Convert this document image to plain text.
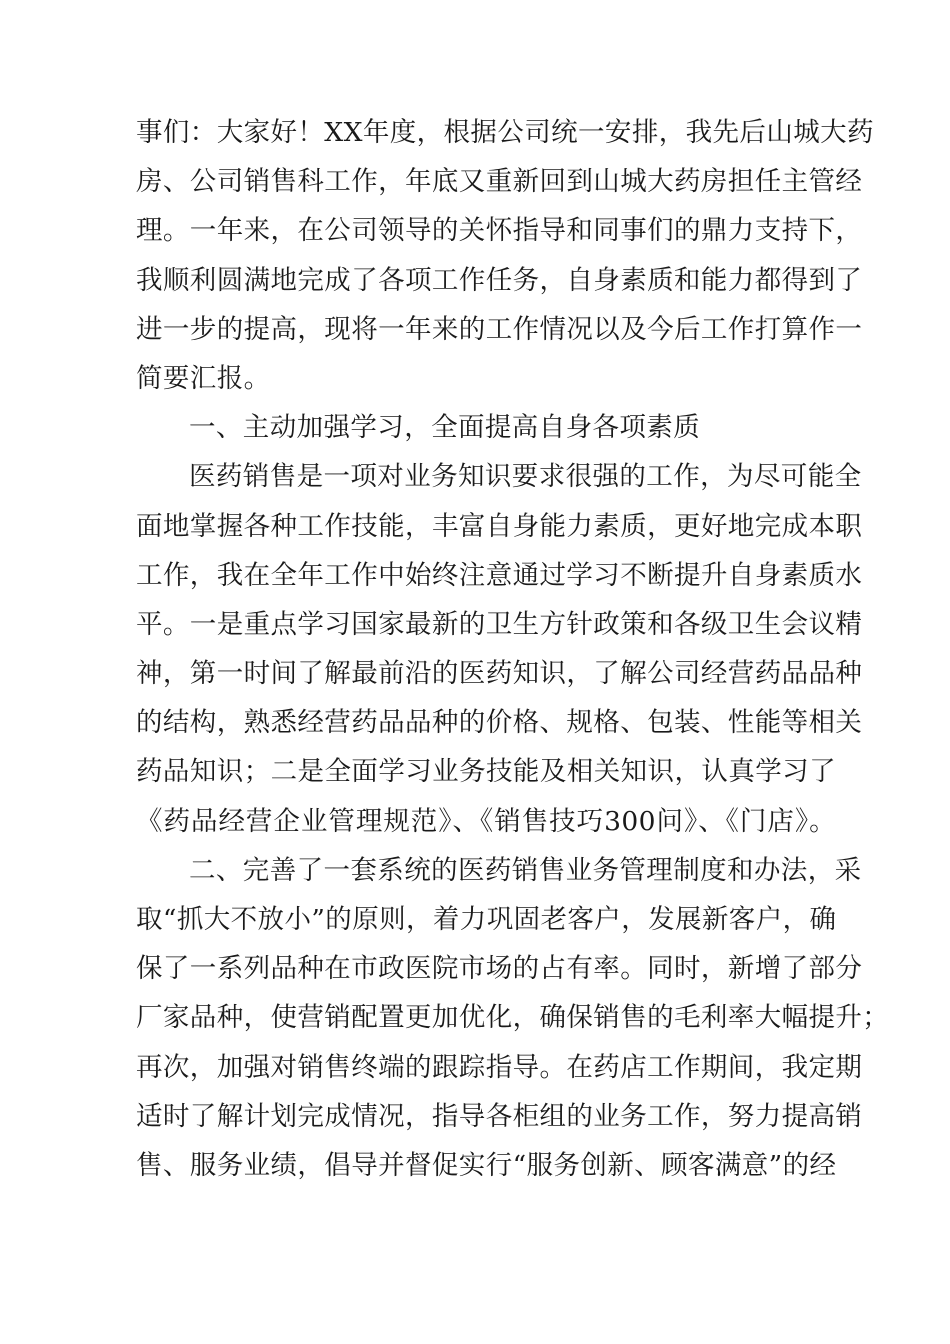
事们：大家好！XX年度，根据公司统一安排，我先后山城大药
房、公司销售科工作，年底又重新回到山城大药房担任主管经
理。一年来，在公司领导的关怀指导和同事们的鼎力支持下，
我顺利圆满地完成了各项工作任务，自身素质和能力都得到了
进一步的提高，现将一年来的工作情况以及今后工作打算作一
简要汇报。
一、主动加强学习，全面提高自身各项素质
医药销售是一项对业务知识要求很强的工作，为尽可能全
面地掌握各种工作技能，丰富自身能力素质，更好地完成本职
工作，我在全年工作中始终注意通过学习不断提升自身素质水
平。一是重点学习国家最新的卫生方针政策和各级卫生会议精
神，第一时间了解最前沿的医药知识，了解公司经营药品品种
的结构，熟悉经营药品品种的价格、规格、包装、性能等相关
药品知识；二是全面学习业务技能及相关知识，认真学习了
《药品经营企业管理规范》、《销售技巧300问》、《门店》。
二、完善了一套系统的医药销售业务管理制度和办法，采
取“抓大不放小”的原则，着力巩固老客户，发展新客户，确
保了一系列品种在市政医院市场的占有率。同时，新增了部分
厂家品种，使营销配置更加优化，确保销售的毛利率大幅提升；
再次，加强对销售终端的跟踪指导。在药店工作期间，我定期
适时了解计划完成情况，指导各柜组的业务工作，努力提高销
售、服务业绩，倡导并督促实行“服务创新、顾客满意”的经
